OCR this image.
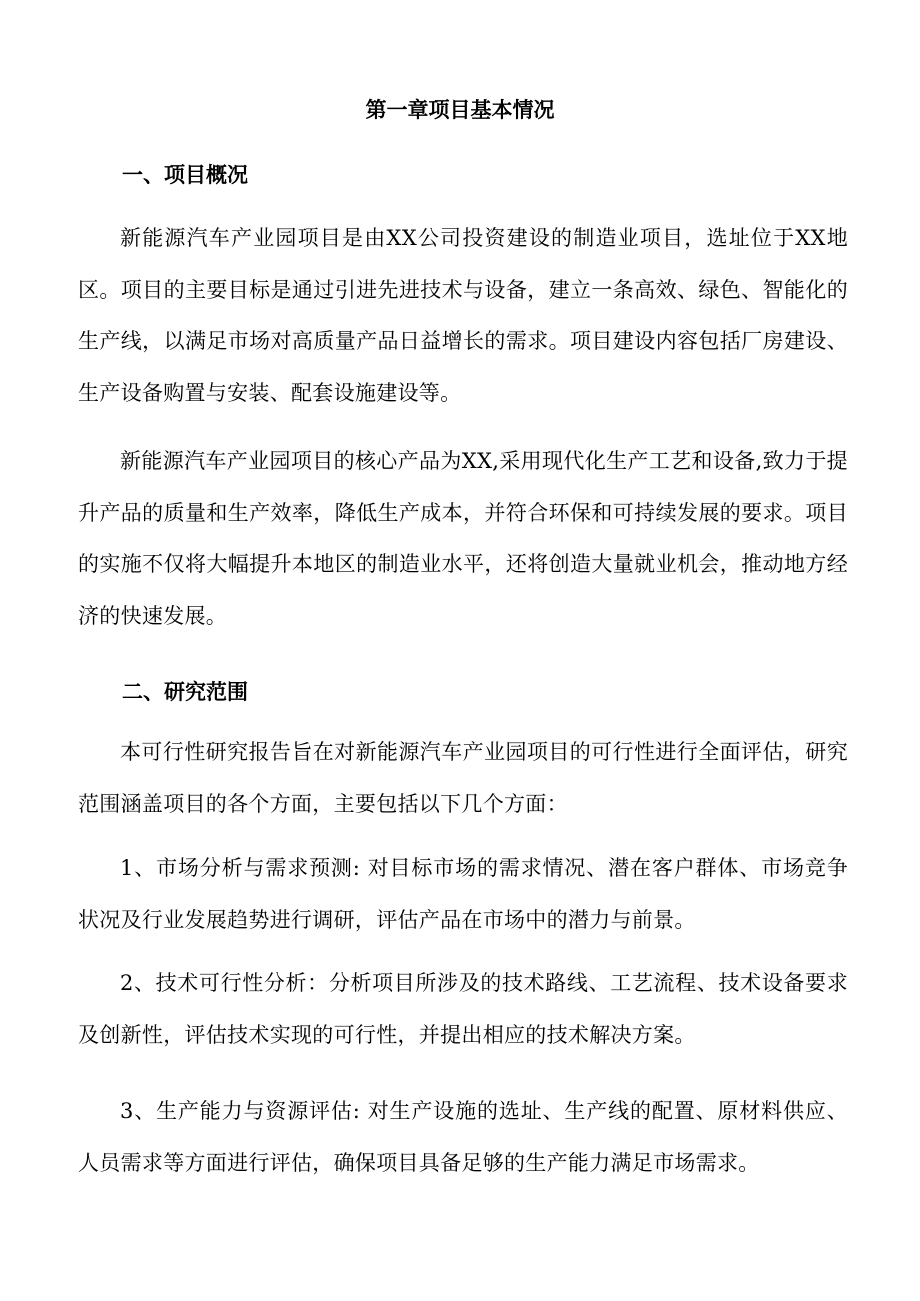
第一章项目基本情况
一、项目概况

新能源汽车产业园项目是由XX公司投资建设的制造业项目，选址位于XX地区。项目的主要目标是通过引进先进技术与设备，建立一条高效、绿色、智能化的生产线，以满足市场对高质量产品日益增长的需求。项目建设内容包括厂房建设、生产设备购置与安装、配套设施建设等。

新能源汽车产业园项目的核心产品为XX,采用现代化生产工艺和设备,致力于提升产品的质量和生产效率，降低生产成本，并符合环保和可持续发展的要求。项目的实施不仅将大幅提升本地区的制造业水平，还将创造大量就业机会，推动地方经济的快速发展。

二、研究范围

本可行性研究报告旨在对新能源汽车产业园项目的可行性进行全面评估，研究范围涵盖项目的各个方面，主要包括以下几个方面：

1、市场分析与需求预测: 对目标市场的需求情况、潜在客户群体、市场竞争状况及行业发展趋势进行调研，评估产品在市场中的潜力与前景。

2、技术可行性分析：分析项目所涉及的技术路线、工艺流程、技术设备要求及创新性，评估技术实现的可行性，并提出相应的技术解决方案。

3、生产能力与资源评估: 对生产设施的选址、生产线的配置、原材料供应、人员需求等方面进行评估，确保项目具备足够的生产能力满足市场需求。
